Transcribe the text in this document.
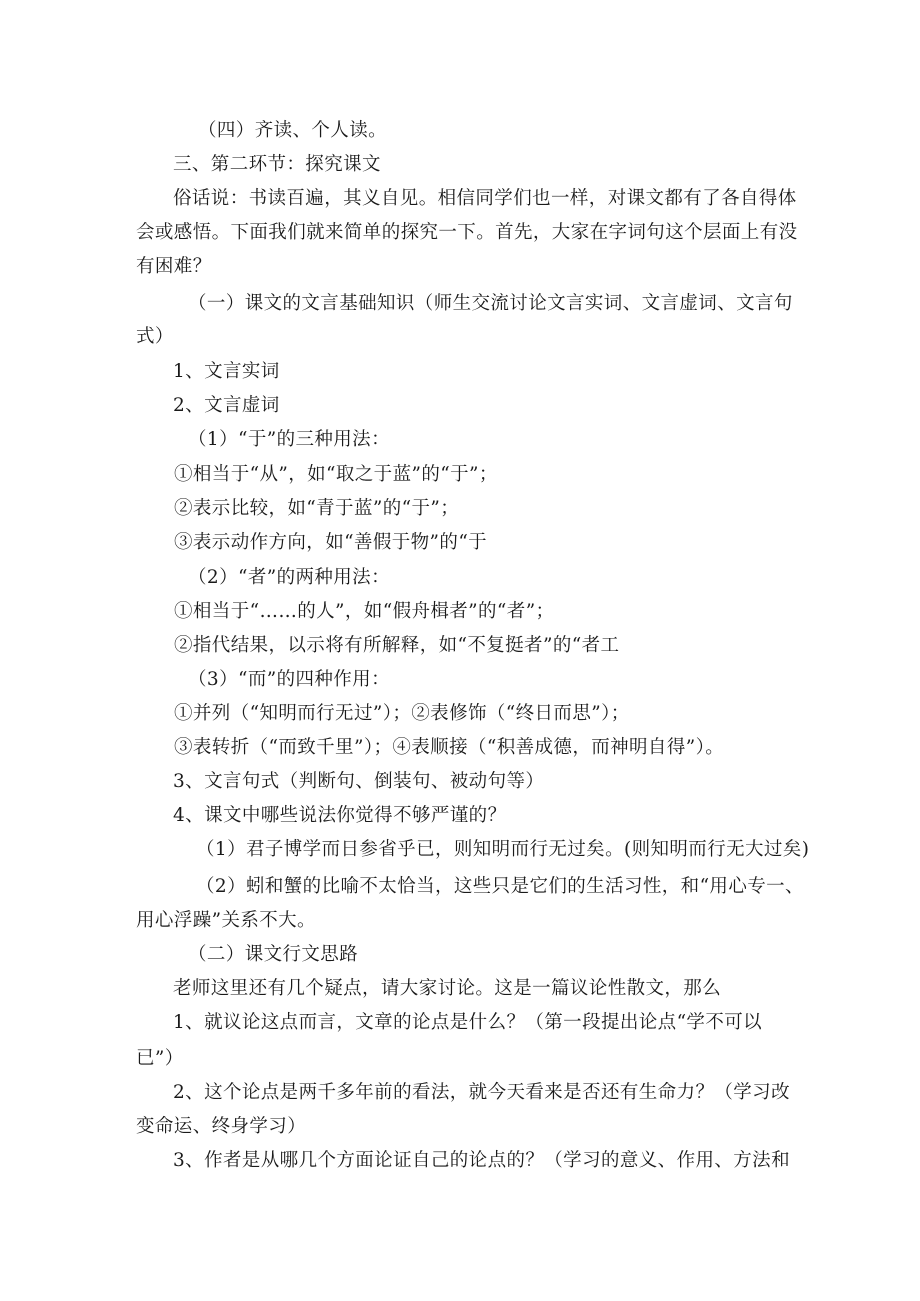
（四）齐读、个人读。

三、第二环节：探究课文

俗话说：书读百遍，其义自见。相信同学们也一样，对课文都有了各自得体

会或感悟。下面我们就来简单的探究一下。首先，大家在字词句这个层面上有没

有困难？

（一）课文的文言基础知识（师生交流讨论文言实词、文言虚词、文言句

式）

1、文言实词

2、文言虚词

（1）“于”的三种用法：

①相当于“从”，如“取之于蓝”的“于”；

②表示比较，如“青于蓝”的“于”；

③表示动作方向，如“善假于物”的“于

（2）“者”的两种用法：

①相当于“……的人”，如“假舟楫者”的“者”；

②指代结果，以示将有所解释，如“不复挺者”的“者工

（3）“而”的四种作用：

①并列（“知明而行无过”）；②表修饰（“终日而思”）；

③表转折（“而致千里”）；④表顺接（“积善成德，而神明自得”）。

3、文言句式（判断句、倒装句、被动句等）

4、课文中哪些说法你觉得不够严谨的？

（1）君子博学而日参省乎已，则知明而行无过矣。(则知明而行无大过矣)

（2）蚓和蟹的比喻不太恰当，这些只是它们的生活习性，和“用心专一、

用心浮躁”关系不大。

（二）课文行文思路

老师这里还有几个疑点，请大家讨论。这是一篇议论性散文，那么

1、就议论这点而言，文章的论点是什么？（第一段提出论点“学不可以

已”）

2、这个论点是两千多年前的看法，就今天看来是否还有生命力？（学习改

变命运、终身学习）

3、作者是从哪几个方面论证自己的论点的？（学习的意义、作用、方法和
